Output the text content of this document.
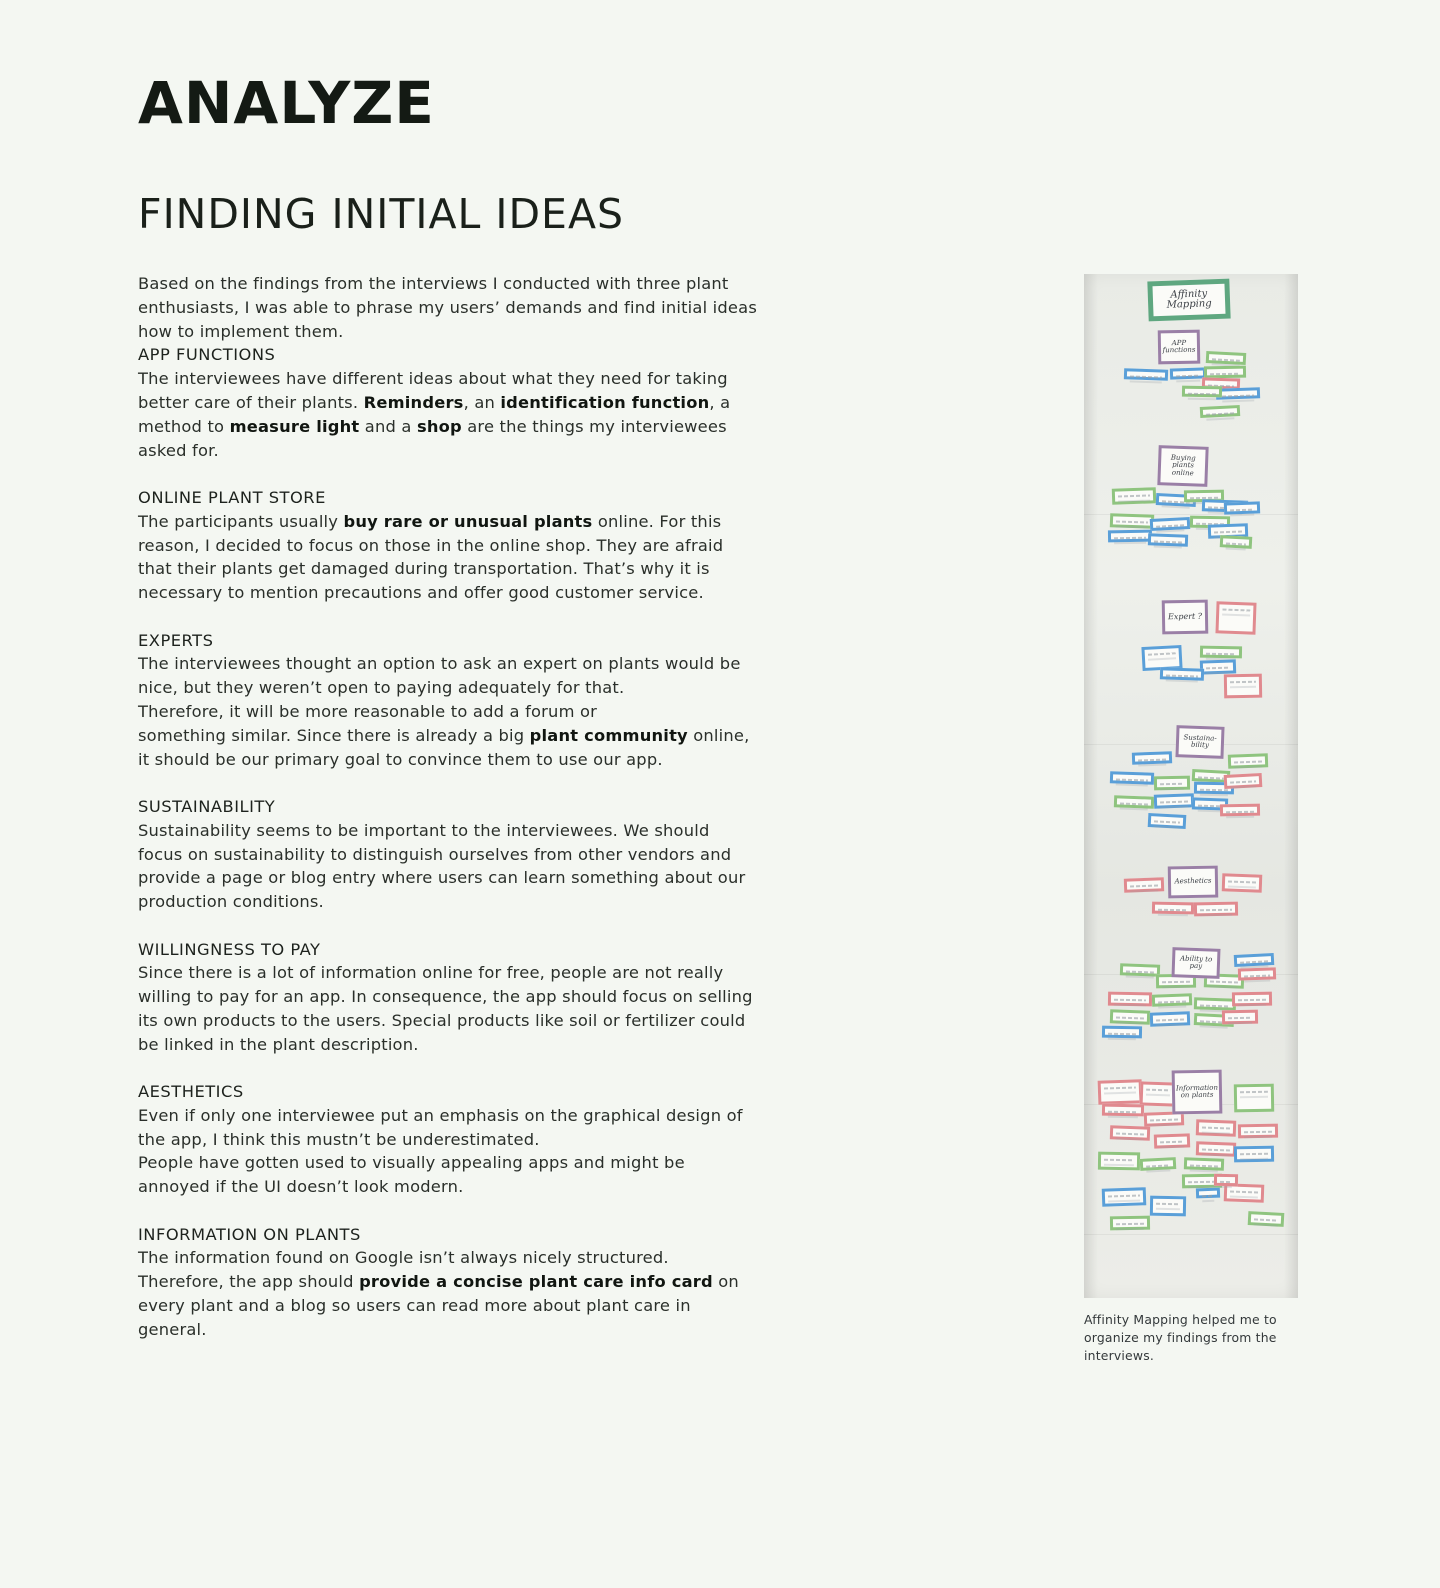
ANALYZE
FINDING INITIAL IDEAS

Based on the findings from the interviews I conducted with three plant enthusiasts, I was able to phrase my users’ demands and find initial ideas how to implement them.

APP FUNCTIONS

The interviewees have different ideas about what they need for taking better care of their plants. Reminders, an identification function, a method to measure light and a shop are the things my interviewees asked for.

ONLINE PLANT STORE

The participants usually buy rare or unusual plants online. For this reason, I decided to focus on those in the online shop. They are afraid that their plants get damaged during transportation. That’s why it is necessary to mention precautions and offer good customer service.

EXPERTS

The interviewees thought an option to ask an expert on plants would be nice, but they weren’t open to paying adequately for that.
Therefore, it will be more reasonable to add a forum or
something similar. Since there is already a big plant community online, it should be our primary goal to convince them to use our app.

SUSTAINABILITY

Sustainability seems to be important to the interviewees. We should focus on sustainability to distinguish ourselves from other vendors and provide a page or blog entry where users can learn something about our production conditions.

WILLINGNESS TO PAY

Since there is a lot of information online for free, people are not really willing to pay for an app. In consequence, the app should focus on selling its own products to the users. Special products like soil or fertilizer could be linked in the plant description.

AESTHETICS

Even if only one interviewee put an emphasis on the graphical design of the app, I think this mustn’t be underestimated.
People have gotten used to visually appealing apps and might be annoyed if the UI doesn’t look modern.

INFORMATION ON PLANTS

The information found on Google isn’t always nicely structured.
Therefore, the app should provide a concise plant care info card on every plant and a blog so users can read more about plant care in general.

Affinity Mapping
APP functions
Buying plants online
Expert ?
Sustaina- bility
Aesthetics
Ability to pay
Information on plants

Affinity Mapping helped me to organize my findings from the interviews.
